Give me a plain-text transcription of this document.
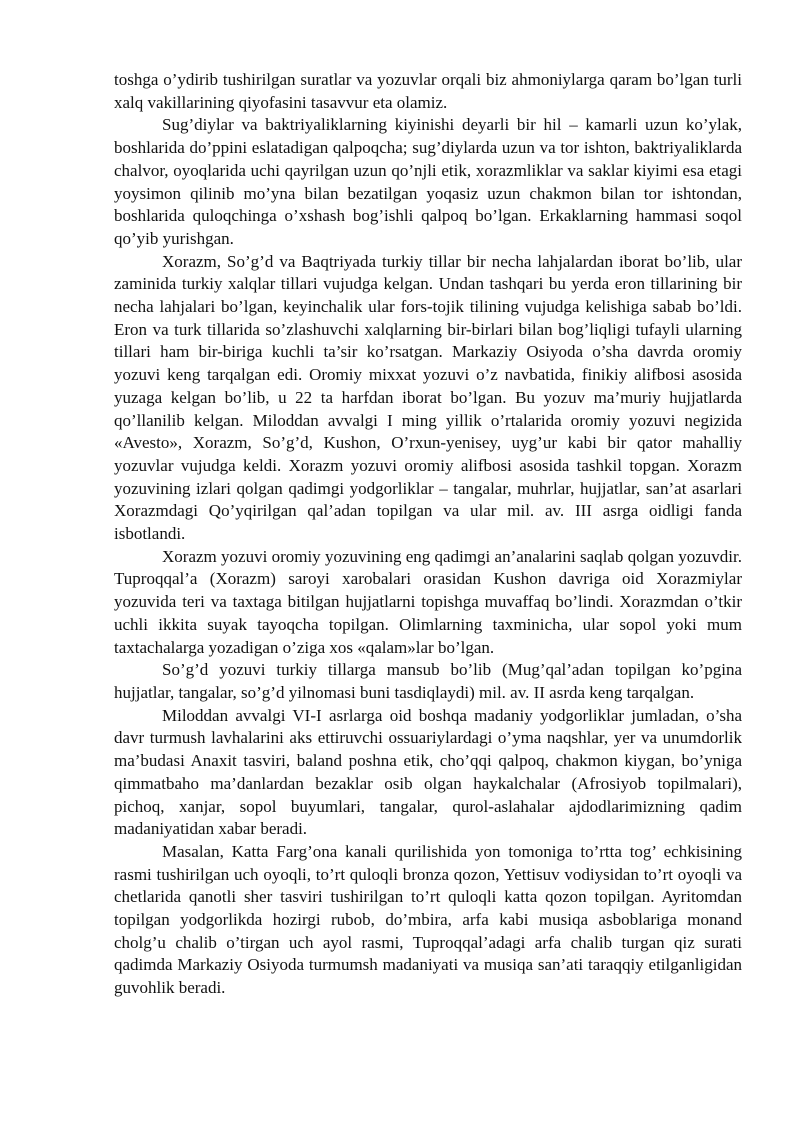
toshga o’ydirib tushirilgan suratlar va yozuvlar orqali biz ahmoniylarga qaram bo’lgan turli xalq vakillarining qiyofasini tasavvur eta olamiz.

Sug’diylar va baktriyaliklarning kiyinishi deyarli bir hil – kamarli uzun ko’ylak, boshlarida do’ppini eslatadigan qalpoqcha; sug’diylarda uzun va tor ishton, baktriyaliklarda chalvor, oyoqlarida uchi qayrilgan uzun qo’njli etik, xorazmliklar va saklar kiyimi esa etagi yoysimon qilinib mo’yna bilan bezatilgan yoqasiz uzun chakmon bilan tor ishtondan, boshlarida quloqchinga o’xshash bog’ishli qalpoq bo’lgan. Erkaklarning hammasi soqol qo’yib yurishgan.

Xorazm, So’g’d va Baqtriyada turkiy tillar bir necha lahjalardan iborat bo’lib, ular zaminida turkiy xalqlar tillari vujudga kelgan. Undan tashqari bu yerda eron tillarining bir necha lahjalari bo’lgan, keyinchalik ular fors-tojik tilining vujudga kelishiga sabab bo’ldi. Eron va turk tillarida so’zlashuvchi xalqlarning bir-birlari bilan bog’liqligi tufayli ularning tillari ham bir-biriga kuchli ta’sir ko’rsatgan. Markaziy Osiyoda o’sha davrda oromiy yozuvi keng tarqalgan edi. Oromiy mixxat yozuvi o’z navbatida, finikiy alifbosi asosida yuzaga kelgan bo’lib, u 22 ta harfdan iborat bo’lgan. Bu yozuv ma’muriy hujjatlarda qo’llanilib kelgan. Miloddan avvalgi I ming yillik o’rtalarida oromiy yozuvi negizida «Avesto», Xorazm, So’g’d, Kushon, O’rxun-yenisey, uyg’ur kabi bir qator mahalliy yozuvlar vujudga keldi. Xorazm yozuvi oromiy alifbosi asosida tashkil topgan. Xorazm yozuvining izlari qolgan qadimgi yodgorliklar – tangalar, muhrlar, hujjatlar, san’at asarlari Xorazmdagi Qo’yqirilgan qal’adan topilgan va ular mil. av. III asrga oidligi fanda isbotlandi.

Xorazm yozuvi oromiy yozuvining eng qadimgi an’analarini saqlab qolgan yozuvdir. Tuproqqal’a (Xorazm) saroyi xarobalari orasidan Kushon davriga oid Xorazmiylar yozuvida teri va taxtaga bitilgan hujjatlarni topishga muvaffaq bo’lindi. Xorazmdan o’tkir uchli ikkita suyak tayoqcha topilgan. Olimlarning taxminicha, ular sopol yoki mum taxtachalarga yozadigan o’ziga xos «qalam»lar bo’lgan.

So’g’d yozuvi turkiy tillarga mansub bo’lib (Mug’qal’adan topilgan ko’pgina hujjatlar, tangalar, so’g’d yilnomasi buni tasdiqlaydi) mil. av. II asrda keng tarqalgan.

Miloddan avvalgi VI-I asrlarga oid boshqa madaniy yodgorliklar jumladan, o’sha davr turmush lavhalarini aks ettiruvchi ossuariylardagi o’yma naqshlar, yer va unumdorlik ma’budasi Anaxit tasviri, baland poshna etik, cho’qqi qalpoq, chakmon kiygan, bo’yniga qimmatbaho ma’danlardan bezaklar osib olgan haykalchalar (Afrosiyob topilmalari), pichoq, xanjar, sopol buyumlari, tangalar, qurol-aslahalar ajdodlarimizning qadim madaniyatidan xabar beradi.

Masalan, Katta Farg’ona kanali qurilishida yon tomoniga to’rtta tog’ echkisining rasmi tushirilgan uch oyoqli, to’rt quloqli bronza qozon, Yettisuv vodiysidan to’rt oyoqli va chetlarida qanotli sher tasviri tushirilgan to’rt quloqli katta qozon topilgan. Ayritomdan topilgan yodgorlikda hozirgi rubob, do’mbira, arfa kabi musiqa asboblariga monand cholg’u chalib o’tirgan uch ayol rasmi, Tuproqqal’adagi arfa chalib turgan qiz surati qadimda Markaziy Osiyoda turmumsh madaniyati va musiqa san’ati taraqqiy etilganligidan guvohlik beradi.
